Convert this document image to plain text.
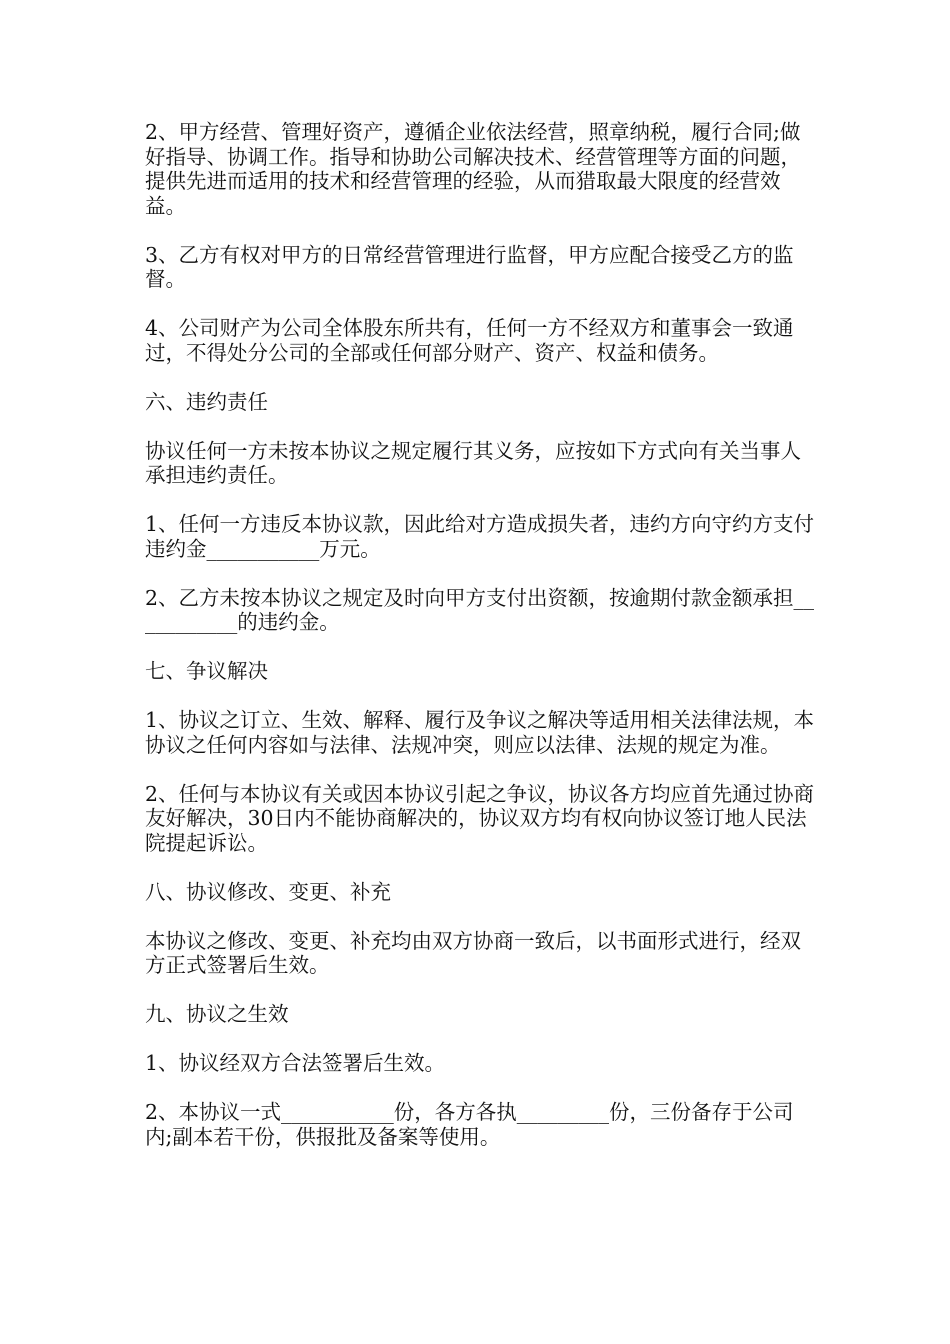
2、甲方经营、管理好资产，遵循企业依法经营，照章纳税，履行合同;做好指导、协调工作。指导和协助公司解决技术、经营管理等方面的问题，提供先进而适用的技术和经营管理的经验，从而猎取最大限度的经营效益。

3、乙方有权对甲方的日常经营管理进行监督，甲方应配合接受乙方的监督。

4、公司财产为公司全体股东所共有，任何一方不经双方和董事会一致通过，不得处分公司的全部或任何部分财产、资产、权益和债务。

六、违约责任

协议任何一方未按本协议之规定履行其义务，应按如下方式向有关当事人承担违约责任。

1、任何一方违反本协议款，因此给对方造成损失者，违约方向守约方支付违约金___________万元。

2、乙方未按本协议之规定及时向甲方支付出资额，按逾期付款金额承担___________的违约金。

七、争议解决

1、协议之订立、生效、解释、履行及争议之解决等适用相关法律法规，本协议之任何内容如与法律、法规冲突，则应以法律、法规的规定为准。

2、任何与本协议有关或因本协议引起之争议，协议各方均应首先通过协商友好解决，30日内不能协商解决的，协议双方均有权向协议签订地人民法院提起诉讼。

八、协议修改、变更、补充

本协议之修改、变更、补充均由双方协商一致后，以书面形式进行，经双方正式签署后生效。

九、协议之生效

1、协议经双方合法签署后生效。

2、本协议一式___________份，各方各执_________份，三份备存于公司内;副本若干份，供报批及备案等使用。
